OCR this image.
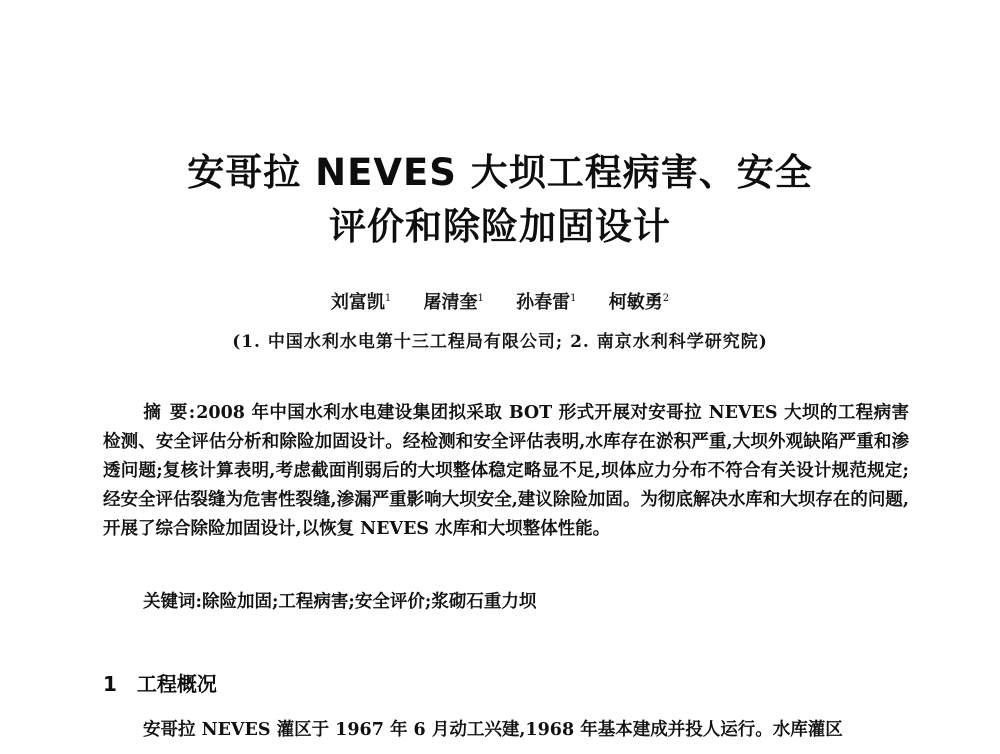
安哥拉 NEVES 大坝工程病害、安全
评价和除险加固设计
刘富凯$^1$ 屠清奎$^1$ 孙春雷$^1$ 柯敏勇$^2$
(1. 中国水利水电第十三工程局有限公司; 2. 南京水利科学研究院)
摘 要:2008 年中国水利水电建设集团拟采取 BOT 形式开展对安哥拉 NEVES 大坝的工程病害检测、安全评估分析和除险加固设计。经检测和安全评估表明,水库存在淤积严重,大坝外观缺陷严重和渗透问题;复核计算表明,考虑截面削弱后的大坝整体稳定略显不足,坝体应力分布不符合有关设计规范规定;经安全评估裂缝为危害性裂缝,渗漏严重影响大坝安全,建议除险加固。为彻底解决水库和大坝存在的问题,开展了综合除险加固设计,以恢复 NEVES 水库和大坝整体性能。
关键词:除险加固;工程病害;安全评价;浆砌石重力坝
1 工程概况
安哥拉 NEVES 灌区于 1967 年 6 月动工兴建,1968 年基本建成并投人运行。水库灌区
